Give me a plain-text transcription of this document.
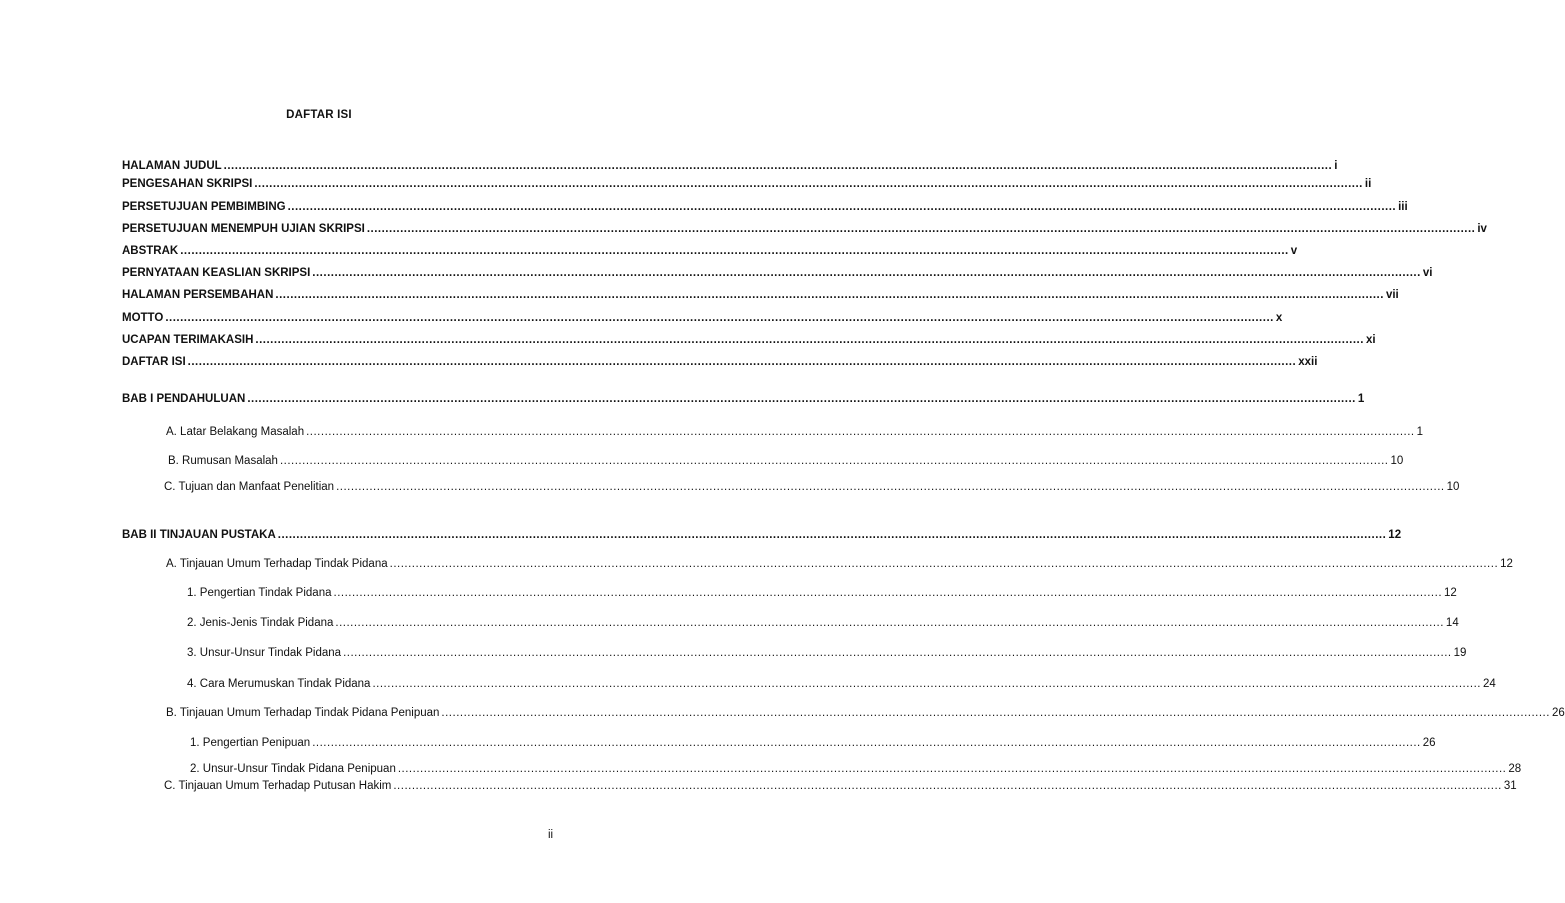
DAFTAR ISI
HALAMAN JUDUL ............................................................................................................................................................................................................................................................................................................ i
PENGESAHAN SKRIPSI ............................................................................................................................................................................................................................................................................................................ ii
PERSETUJUAN PEMBIMBING ............................................................................................................................................................................................................................................................................................................ iii
PERSETUJUAN MENEMPUH UJIAN SKRIPSI ............................................................................................................................................................................................................................................................................................................ iv
ABSTRAK ............................................................................................................................................................................................................................................................................................................ v
PERNYATAAN KEASLIAN SKRIPSI ............................................................................................................................................................................................................................................................................................................ vi
HALAMAN PERSEMBAHAN ............................................................................................................................................................................................................................................................................................................ vii
MOTTO ............................................................................................................................................................................................................................................................................................................ x
UCAPAN TERIMAKASIH ............................................................................................................................................................................................................................................................................................................ xi
DAFTAR ISI ............................................................................................................................................................................................................................................................................................................ xxii
BAB I PENDAHULUAN ............................................................................................................................................................................................................................................................................................................ 1
A. Latar Belakang Masalah ............................................................................................................................................................................................................................................................................................................ 1
B. Rumusan Masalah ............................................................................................................................................................................................................................................................................................................ 10
C. Tujuan dan Manfaat Penelitian ............................................................................................................................................................................................................................................................................................................ 10
BAB II TINJAUAN PUSTAKA ............................................................................................................................................................................................................................................................................................................ 12
A. Tinjauan Umum Terhadap Tindak Pidana ............................................................................................................................................................................................................................................................................................................ 12
1. Pengertian Tindak Pidana ............................................................................................................................................................................................................................................................................................................ 12
2. Jenis-Jenis Tindak Pidana ............................................................................................................................................................................................................................................................................................................ 14
3. Unsur-Unsur Tindak Pidana ............................................................................................................................................................................................................................................................................................................ 19
4. Cara Merumuskan Tindak Pidana ............................................................................................................................................................................................................................................................................................................ 24
B. Tinjauan Umum Terhadap Tindak Pidana Penipuan ............................................................................................................................................................................................................................................................................................................ 26
1. Pengertian Penipuan ............................................................................................................................................................................................................................................................................................................ 26
2. Unsur-Unsur Tindak Pidana Penipuan ............................................................................................................................................................................................................................................................................................................ 28
C. Tinjauan Umum Terhadap Putusan Hakim ............................................................................................................................................................................................................................................................................................................ 31
ii
